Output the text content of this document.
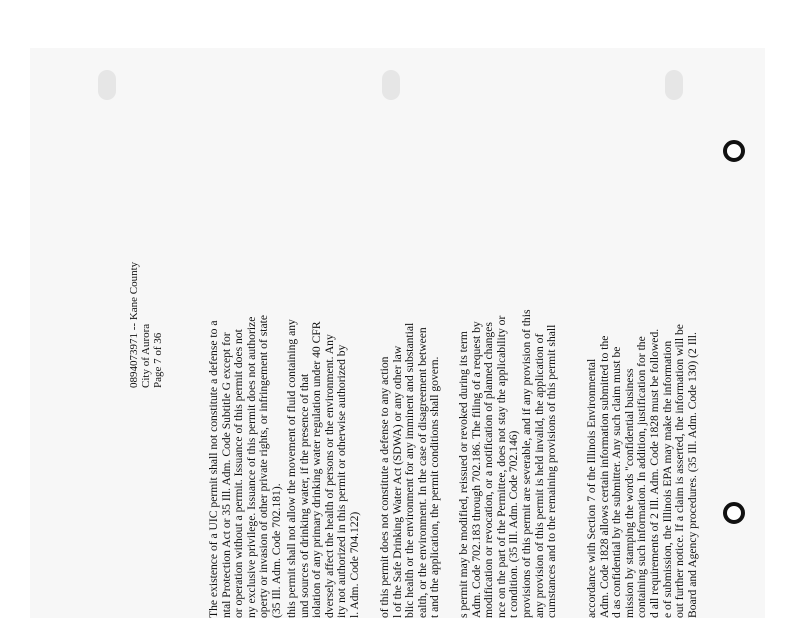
0894073971 -- Kane County City of Aurora Page 7 of 36	The existence of a UIC permit shall not constitute a defense to a ntal Protection Act or 35 Ill. Adm. Code Subtitle G except for or operation without a permit. Issuance of this permit does not ny exclusive privilege. Issuance of this permit does not authorize operty or invasion of other private rights, or infringement of state (35 Ill. Adm. Code 702.181). this permit shall not allow the movement of fluid containing any und sources of drinking water, if the presence of that iolation of any primary drinking water regulation under 40 CFR dversely affect the health of persons or the environment. Any ity not authorized in this permit or otherwise authorized by l. Adm. Code 704.122) of this permit does not constitute a defense to any action l of the Safe Drinking Water Act (SDWA) or any other law blic health or the environment for any imminent and substantial ealth, or the environment. In the case of disagreement between t and the application, the permit conditions shall govern. s permit may be modified, reissued or revoked during its term Adm. Code 702.183 through 702.186. The filing of a request by modification or revocation, or a notification of planned changes nce on the part of the Permittee, does not stay the applicability or t condition. (35 Ill. Adm. Code 702.146) provisions of this permit are severable, and if any provision of this any provision of this permit is held invalid, the application of cumstances and to the remaining provisions of this permit shall accordance with Section 7 of the Illinois Environmental Adm. Code 1828 allows certain information submitted to the d as confidential by the submitter. Any such claim must be mission by stamping the words "confidential business containing such information. In addition, justification for the d all requirements of 2 Ill. Adm. Code 1828 must be followed. e of submission, the Illinois EPA may make the information out further notice. If a claim is asserted, the information will be Board and Agency procedures. (35 Ill. Adm. Code 130) (2 Ill.
